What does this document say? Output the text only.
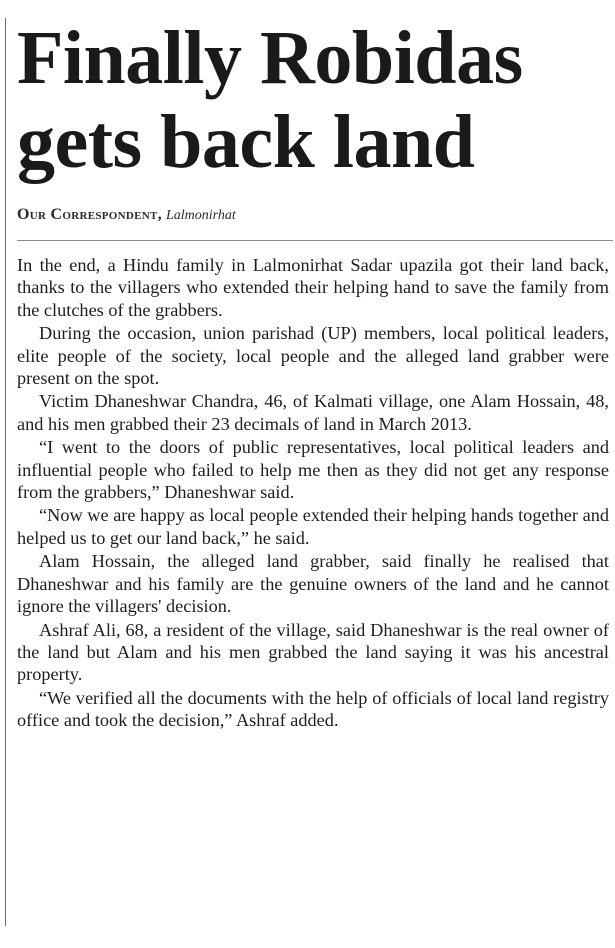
Finally Robidas
gets back land

Our Correspondent, Lalmonirhat

In the end, a Hindu family in Lalmonirhat Sadar upazila got their land back, thanks to the villagers who extended their helping hand to save the family from the clutches of the grabbers.

During the occasion, union parishad (UP) members, local political leaders, elite people of the society, local people and the alleged land grabber were present on the spot.

Victim Dhaneshwar Chandra, 46, of Kalmati village, one Alam Hossain, 48, and his men grabbed their 23 decimals of land in March 2013.

“I went to the doors of public representatives, local political leaders and influential people who failed to help me then as they did not get any response from the grabbers,” Dhaneshwar said.

“Now we are happy as local people extended their helping hands together and helped us to get our land back,” he said.

Alam Hossain, the alleged land grabber, said finally he realised that Dhaneshwar and his family are the genuine owners of the land and he cannot ignore the villagers' decision.

Ashraf Ali, 68, a resident of the village, said Dhaneshwar is the real owner of the land but Alam and his men grabbed the land saying it was his ancestral property.

“We verified all the documents with the help of officials of local land registry office and took the decision,” Ashraf added.
